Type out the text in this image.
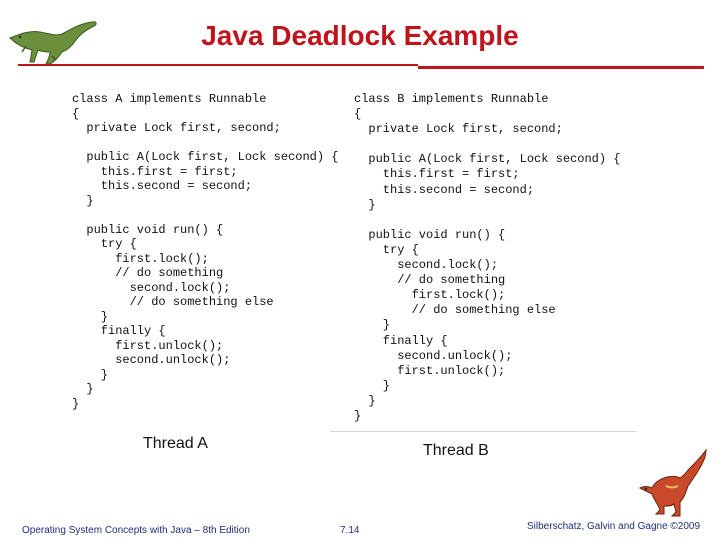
Java Deadlock Example
class A implements Runnable
{
private Lock first, second;

public A(Lock first, Lock second) {
this.first = first;
this.second = second;
}

public void run() {
try {
first.lock();
// do something
second.lock();
// do something else
}
finally {
first.unlock();
second.unlock();
}
}
}
class B implements Runnable
{
private Lock first, second;

public A(Lock first, Lock second) {
this.first = first;
this.second = second;
}

public void run() {
try {
second.lock();
// do something
first.lock();
// do something else
}
finally {
second.unlock();
first.unlock();
}
}
}
Thread A	Thread B
Operating System Concepts with Java – 8th Edition	7.14	Silberschatz, Galvin and Gagne ©2009
